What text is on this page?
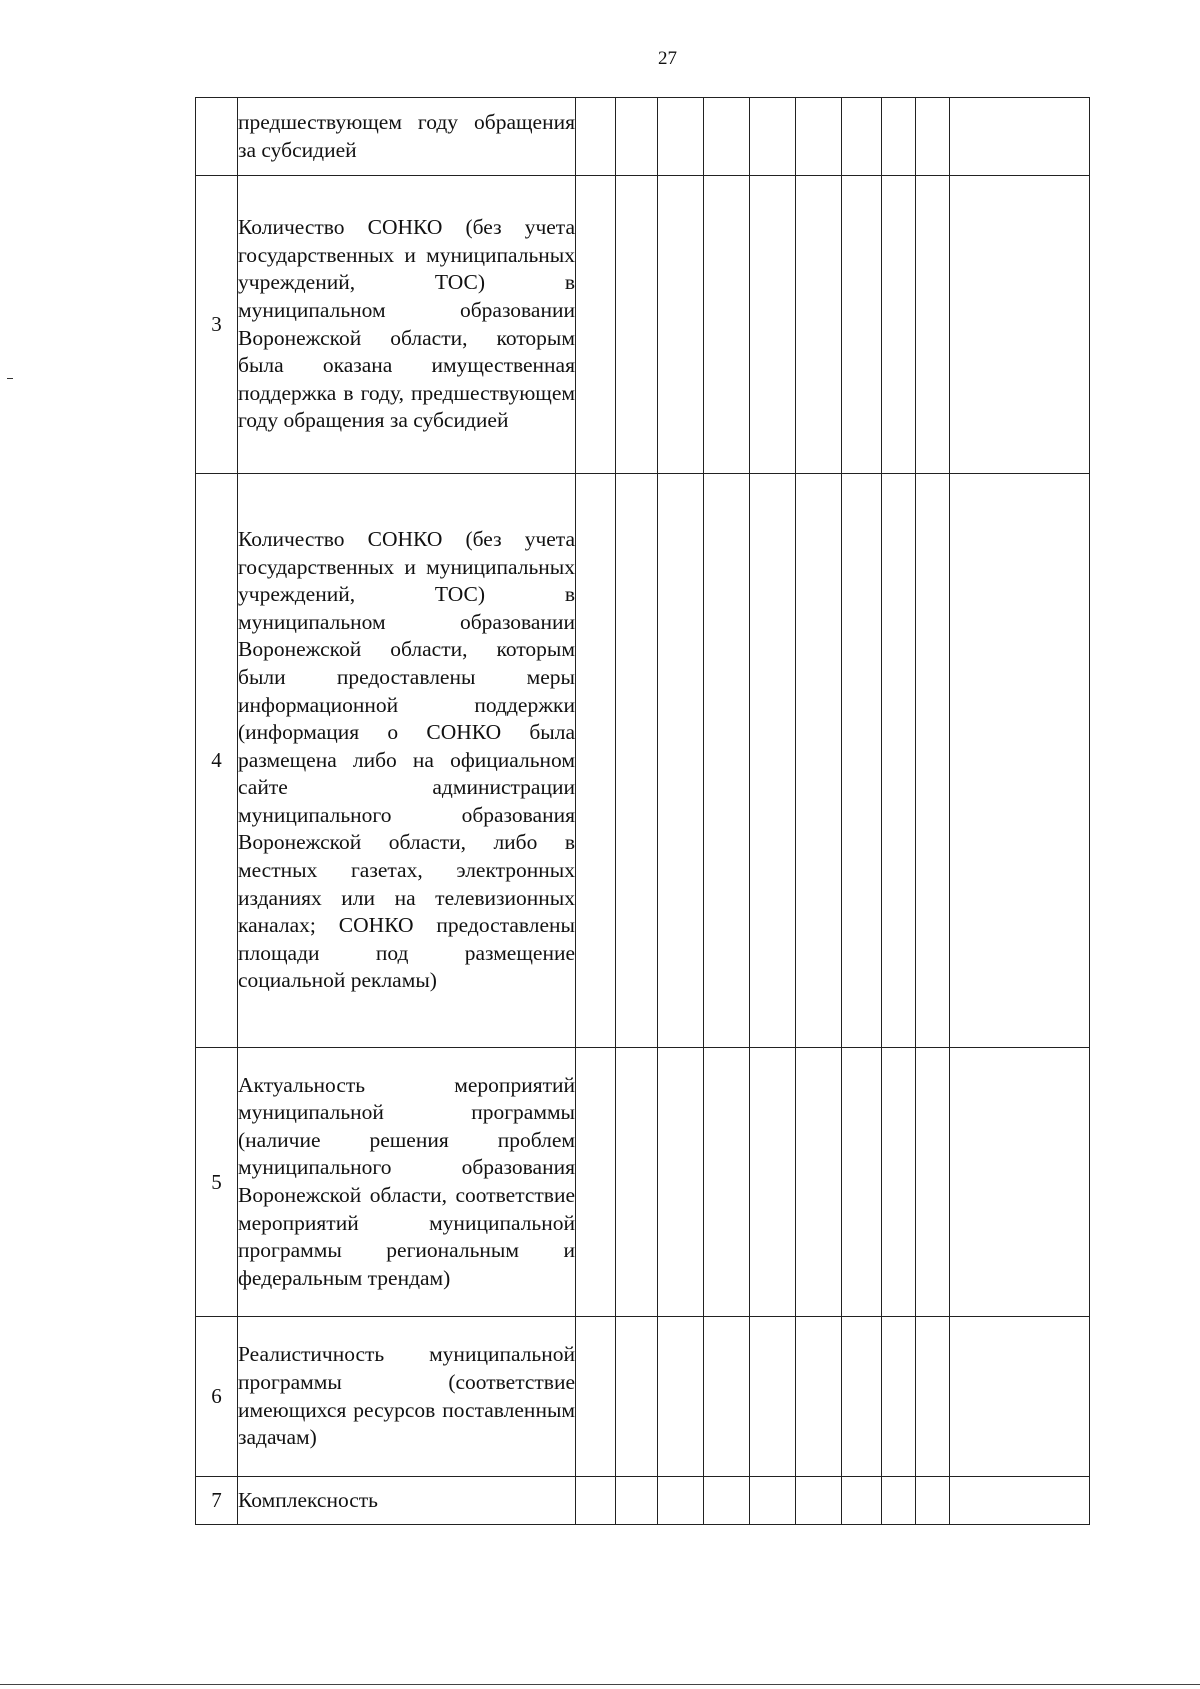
27
	предшествующем году обращения за субсидией										
3	Количество СОНКО (без учета государственных и муниципальных учреждений, ТОС) в муниципальном образовании Воронежской области, которым была оказана имущественная поддержка в году, предшествующем году обращения за субсидией										
4	Количество СОНКО (без учета государственных и муниципальных учреждений, ТОС) в муниципальном образовании Воронежской области, которым были предоставлены меры информационной поддержки (информация о СОНКО была размещена либо на официальном сайте администрации муниципального образования Воронежской области, либо в местных газетах, электронных изданиях или на телевизионных каналах; СОНКО предоставлены площади под размещение социальной рекламы)										
5	Актуальность мероприятий муниципальной программы (наличие решения проблем муниципального образования Воронежской области, соответствие мероприятий муниципальной программы региональным и федеральным трендам)										
6	Реалистичность муниципальной программы (соответствие имеющихся ресурсов поставленным задачам)										
7	Комплексность										
